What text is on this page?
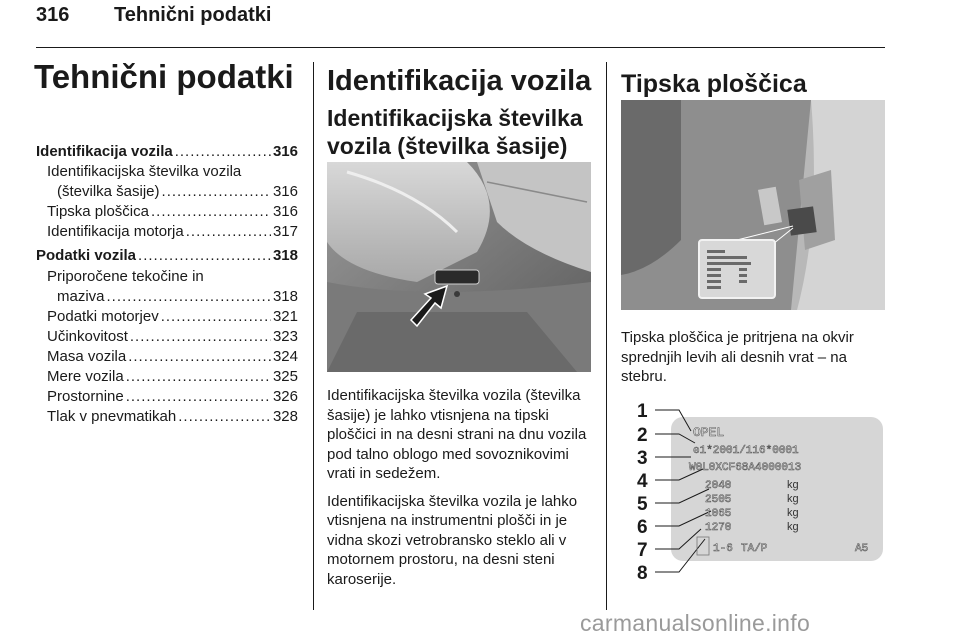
316 Tehnični podatki
Tehnični podatki
Identifikacija vozila .....	316
Identifikacijska številka vozila
(številka šasije) .....	316
Tipska ploščica .....	316
Identifikacija motorja .....	317
Podatki vozila .....	318
Priporočene tekočine in
maziva .....	318
Podatki motorjev .....	321
Učinkovitost .....	323
Masa vozila .....	324
Mere vozila .....	325
Prostornine .....	326
Tlak v pnevmatikah .....	328
Identifikacija vozila
Identifikacijska številka
vozila (številka šasije)

Identifikacijska številka vozila (številka šasije) je lahko vtisnjena na tipski ploščici in na desni strani na dnu vozila pod talno oblogo med sovoznikovimi vrati in sedežem.

Identifikacijska številka vozila je lahko vtisnjena na instrumentni plošči in je vidna skozi vetrobransko steklo ali v motornem prostoru, na desni steni karoserije.

Tipska ploščica

Tipska ploščica je pritrjena na okvir sprednjih levih ali desnih vrat – na stebru.

1
2
3
4
5
6
7
8
OPEL
e1*2001/116*0001
W0L0XCF68A4000013
2040
2505
1065
1270
1-6 TA/P	A5
kg
kg
kg
kg
carmanualsonline.info
